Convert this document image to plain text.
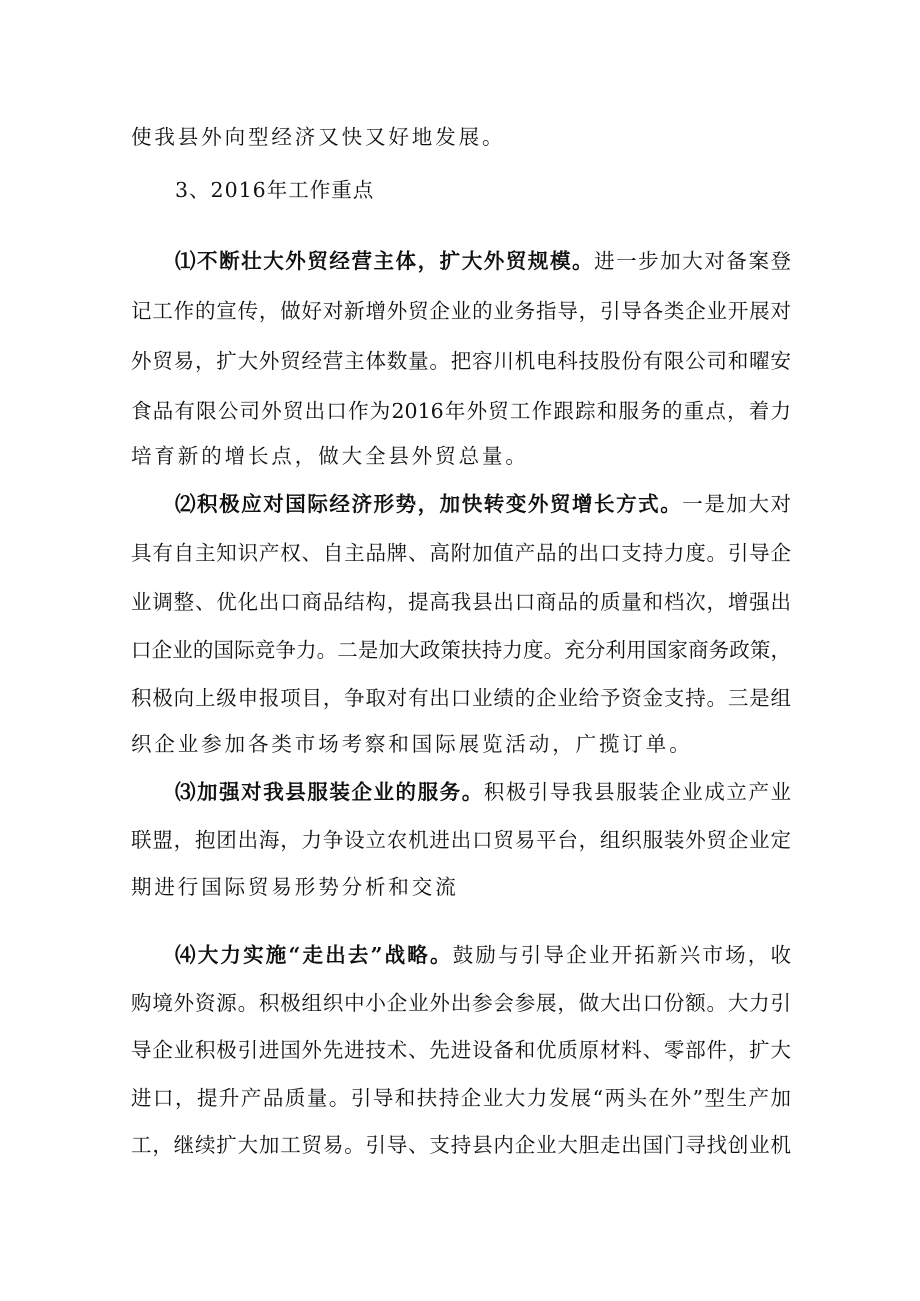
使我县外向型经济又快又好地发展。
3、2016年工作重点
⑴不断壮大外贸经营主体，扩大外贸规模。进一步加大对备案登
记工作的宣传，做好对新增外贸企业的业务指导，引导各类企业开展对
外贸易，扩大外贸经营主体数量。把容川机电科技股份有限公司和曜安
食品有限公司外贸出口作为2016年外贸工作跟踪和服务的重点，着力
培育新的增长点，做大全县外贸总量。
⑵积极应对国际经济形势，加快转变外贸增长方式。一是加大对
具有自主知识产权、自主品牌、高附加值产品的出口支持力度。引导企
业调整、优化出口商品结构，提高我县出口商品的质量和档次，增强出
口企业的国际竞争力。二是加大政策扶持力度。充分利用国家商务政策，
积极向上级申报项目，争取对有出口业绩的企业给予资金支持。三是组
织企业参加各类市场考察和国际展览活动，广揽订单。
⑶加强对我县服装企业的服务。积极引导我县服装企业成立产业
联盟，抱团出海，力争设立农机进出口贸易平台，组织服装外贸企业定
期进行国际贸易形势分析和交流
⑷大力实施“走出去”战略。鼓励与引导企业开拓新兴市场，收
购境外资源。积极组织中小企业外出参会参展，做大出口份额。大力引
导企业积极引进国外先进技术、先进设备和优质原材料、零部件，扩大
进口，提升产品质量。引导和扶持企业大力发展“两头在外”型生产加
工，继续扩大加工贸易。引导、支持县内企业大胆走出国门寻找创业机
